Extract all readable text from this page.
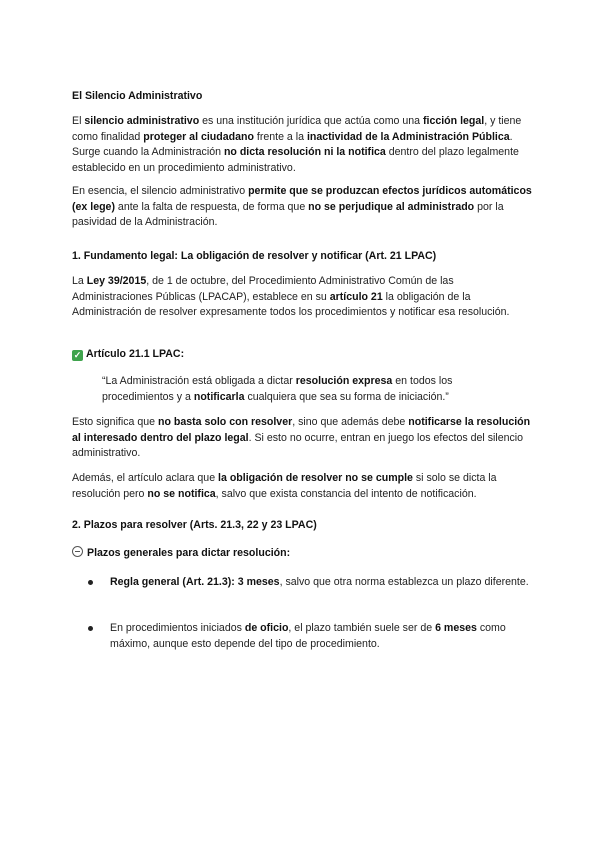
El Silencio Administrativo

El silencio administrativo es una institución jurídica que actúa como una ficción legal, y tiene como finalidad proteger al ciudadano frente a la inactividad de la Administración Pública. Surge cuando la Administración no dicta resolución ni la notifica dentro del plazo legalmente establecido en un procedimiento administrativo.

En esencia, el silencio administrativo permite que se produzcan efectos jurídicos automáticos (ex lege) ante la falta de respuesta, de forma que no se perjudique al administrado por la pasividad de la Administración.

1. Fundamento legal: La obligación de resolver y notificar (Art. 21 LPAC)

La Ley 39/2015, de 1 de octubre, del Procedimiento Administrativo Común de las Administraciones Públicas (LPACAP), establece en su artículo 21 la obligación de la Administración de resolver expresamente todos los procedimientos y notificar esa resolución.

✓ Artículo 21.1 LPAC:

“La Administración está obligada a dictar resolución expresa en todos los procedimientos y a notificarla cualquiera que sea su forma de iniciación.”

Esto significa que no basta solo con resolver, sino que además debe notificarse la resolución al interesado dentro del plazo legal. Si esto no ocurre, entran en juego los efectos del silencio administrativo.

Además, el artículo aclara que la obligación de resolver no se cumple si solo se dicta la resolución pero no se notifica, salvo que exista constancia del intento de notificación.

2. Plazos para resolver (Arts. 21.3, 22 y 23 LPAC)

Plazos generales para dictar resolución:

Regla general (Art. 21.3): 3 meses, salvo que otra norma establezca un plazo diferente.

En procedimientos iniciados de oficio, el plazo también suele ser de 6 meses como máximo, aunque esto depende del tipo de procedimiento.
